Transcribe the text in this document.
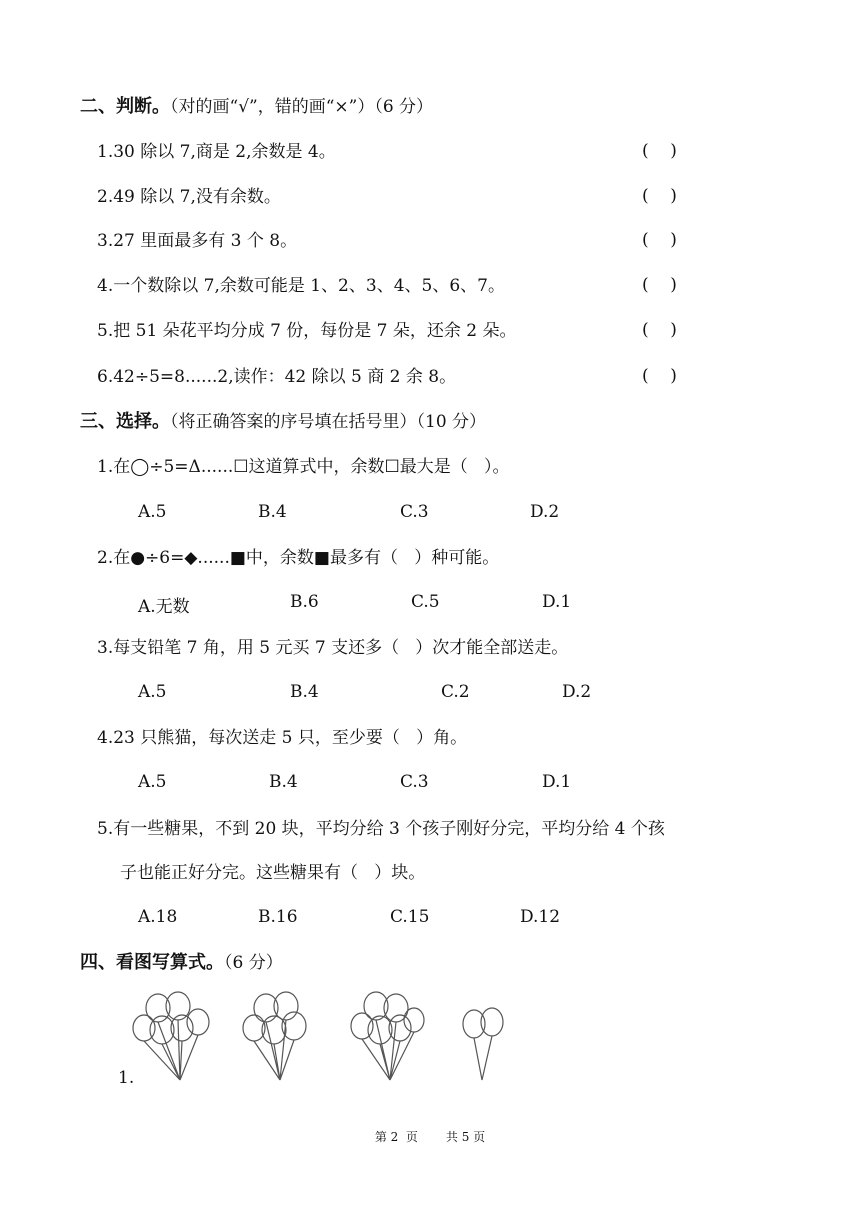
二、判断。（对的画“√”，错的画“×”）（6 分）
1.30 除以 7,商是 2,余数是 4。	(    )
2.49 除以 7,没有余数。	(    )
3.27 里面最多有 3 个 8。	(    )
4.一个数除以 7,余数可能是 1、2、3、4、5、6、7。	(    )
5.把 51 朵花平均分成 7 份，每份是 7 朵，还余 2 朵。	(    )
6.42÷5=8......2,读作：42 除以 5 商 2 余 8。	(    )
三、选择。（将正确答案的序号填在括号里）（10 分）
1.在◯÷5=Δ......☐这道算式中，余数☐最大是（   ）。
A.5	B.4	C.3	D.2
2.在●÷6=◆......■中，余数■最多有（   ）种可能。
A.无数	B.6	C.5	D.1
3.每支铅笔 7 角，用 5 元买 7 支还多（   ）次才能全部送走。
A.5	B.4	C.2	D.2
4.23 只熊猫，每次送走 5 只，至少要（   ）角。
A.5	B.4	C.3	D.1
5.有一些糖果，不到 20 块，平均分给 3 个孩子刚好分完，平均分给 4 个孩
子也能正好分完。这些糖果有（   ）块。
A.18	B.16	C.15	D.12
四、看图写算式。（6 分）
1.
第 2  页 共 5 页
